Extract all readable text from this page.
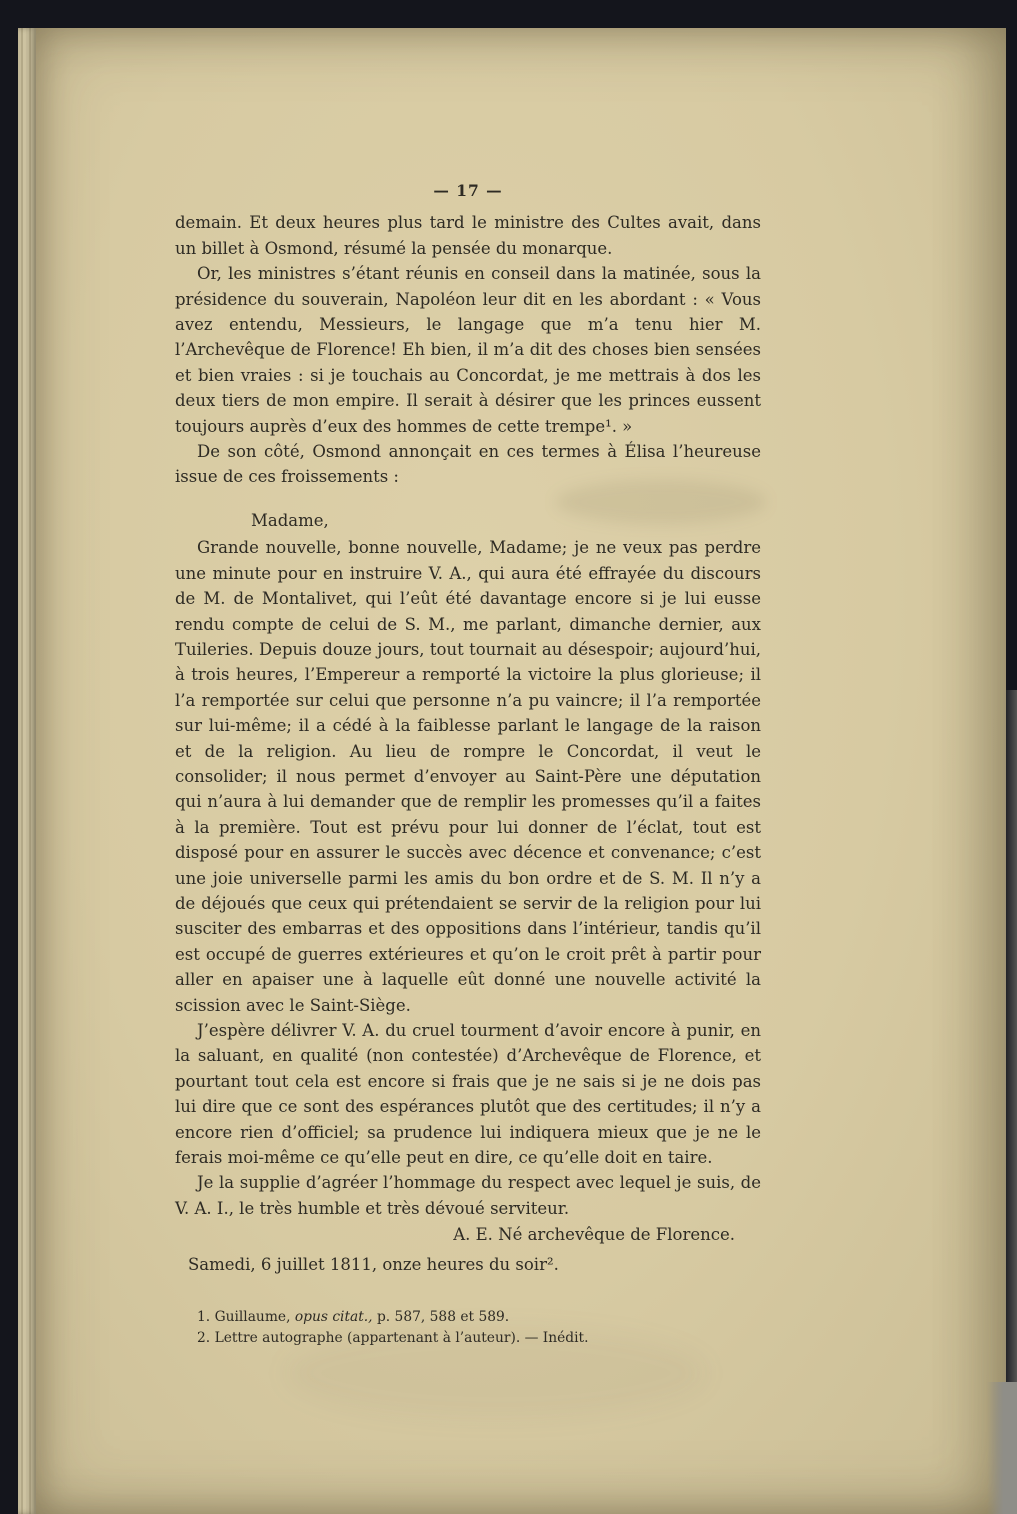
— 17 —

demain. Et deux heures plus tard le ministre des Cultes avait, dans un billet à Osmond, résumé la pensée du monarque.

Or, les ministres s’étant réunis en conseil dans la matinée, sous la présidence du souverain, Napoléon leur dit en les abordant : « Vous avez entendu, Messieurs, le langage que m’a tenu hier M. l’Archevêque de Florence! Eh bien, il m’a dit des choses bien sensées et bien vraies : si je touchais au Concordat, je me mettrais à dos les deux tiers de mon empire. Il serait à désirer que les princes eussent toujours auprès d’eux des hommes de cette trempe¹. »

De son côté, Osmond annonçait en ces termes à Élisa l’heureuse issue de ces froissements :

Madame,

Grande nouvelle, bonne nouvelle, Madame; je ne veux pas perdre une minute pour en instruire V. A., qui aura été effrayée du discours de M. de Montalivet, qui l’eût été davantage encore si je lui eusse rendu compte de celui de S. M., me parlant, dimanche dernier, aux Tuileries. Depuis douze jours, tout tournait au désespoir; aujourd’hui, à trois heures, l’Empereur a remporté la victoire la plus glorieuse; il l’a remportée sur celui que personne n’a pu vaincre; il l’a remportée sur lui-même; il a cédé à la faiblesse parlant le langage de la raison et de la religion. Au lieu de rompre le Concordat, il veut le consolider; il nous permet d’envoyer au Saint-Père une députation qui n’aura à lui demander que de remplir les promesses qu’il a faites à la première. Tout est prévu pour lui donner de l’éclat, tout est disposé pour en assurer le succès avec décence et convenance; c’est une joie universelle parmi les amis du bon ordre et de S. M. Il n’y a de déjoués que ceux qui prétendaient se servir de la religion pour lui susciter des embarras et des oppositions dans l’intérieur, tandis qu’il est occupé de guerres extérieures et qu’on le croit prêt à partir pour aller en apaiser une à laquelle eût donné une nouvelle activité la scission avec le Saint-Siège.

J’espère délivrer V. A. du cruel tourment d’avoir encore à punir, en la saluant, en qualité (non contestée) d’Archevêque de Florence, et pourtant tout cela est encore si frais que je ne sais si je ne dois pas lui dire que ce sont des espérances plutôt que des certitudes; il n’y a encore rien d’officiel; sa prudence lui indiquera mieux que je ne le ferais moi-même ce qu’elle peut en dire, ce qu’elle doit en taire.

Je la supplie d’agréer l’hommage du respect avec lequel je suis, de V. A. I., le très humble et très dévoué serviteur.

A. E. Né archevêque de Florence.

Samedi, 6 juillet 1811, onze heures du soir².

1. Guillaume, opus citat., p. 587, 588 et 589.

2. Lettre autographe (appartenant à l’auteur). — Inédit.
